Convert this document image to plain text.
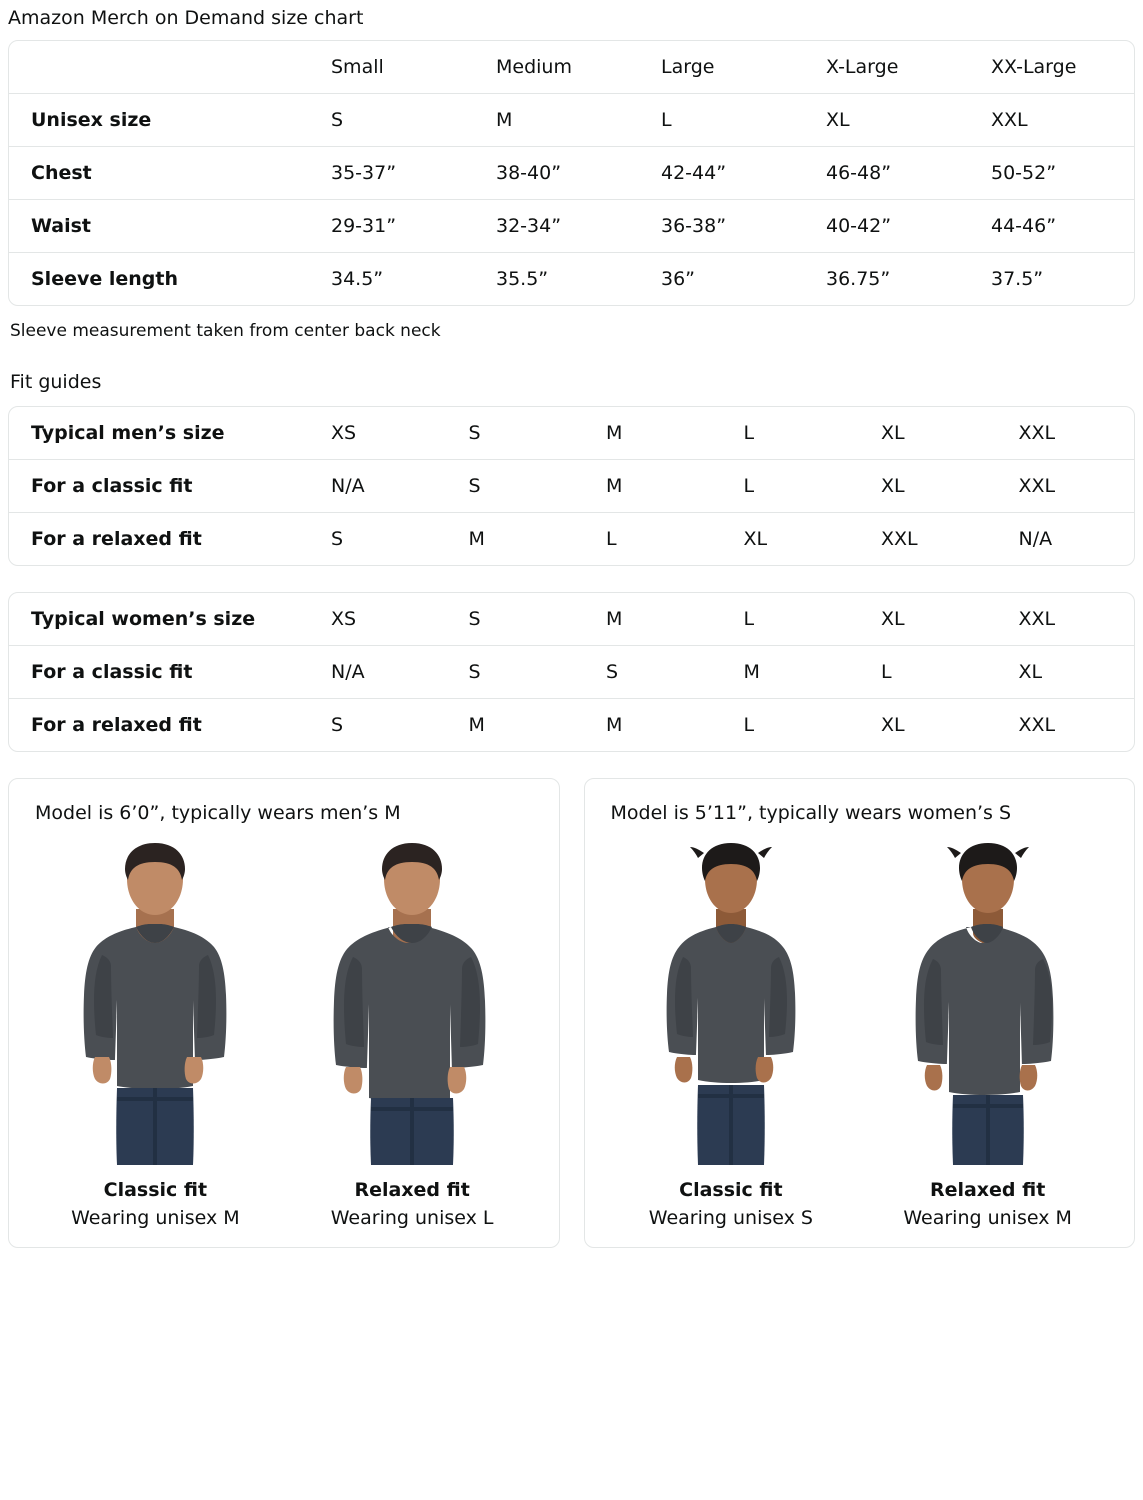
Amazon Merch on Demand size chart
	Small	Medium	Large	X-Large	XX-Large
Unisex size	S	M	L	XL	XXL
Chest	35-37”	38-40”	42-44”	46-48”	50-52”
Waist	29-31”	32-34”	36-38”	40-42”	44-46”
Sleeve length	34.5”	35.5”	36”	36.75”	37.5”
Sleeve measurement taken from center back neck
Fit guides
Typical men’s size	XS	S	M	L	XL	XXL
For a classic fit	N/A	S	M	L	XL	XXL
For a relaxed fit	S	M	L	XL	XXL	N/A
Typical women’s size	XS	S	M	L	XL	XXL
For a classic fit	N/A	S	S	M	L	XL
For a relaxed fit	S	M	M	L	XL	XXL
Model is 6’0”, typically wears men’s M
Classic fit
Wearing unisex M
Relaxed fit
Wearing unisex L
Model is 5’11”, typically wears women’s S
Classic fit
Wearing unisex S
Relaxed fit
Wearing unisex M
